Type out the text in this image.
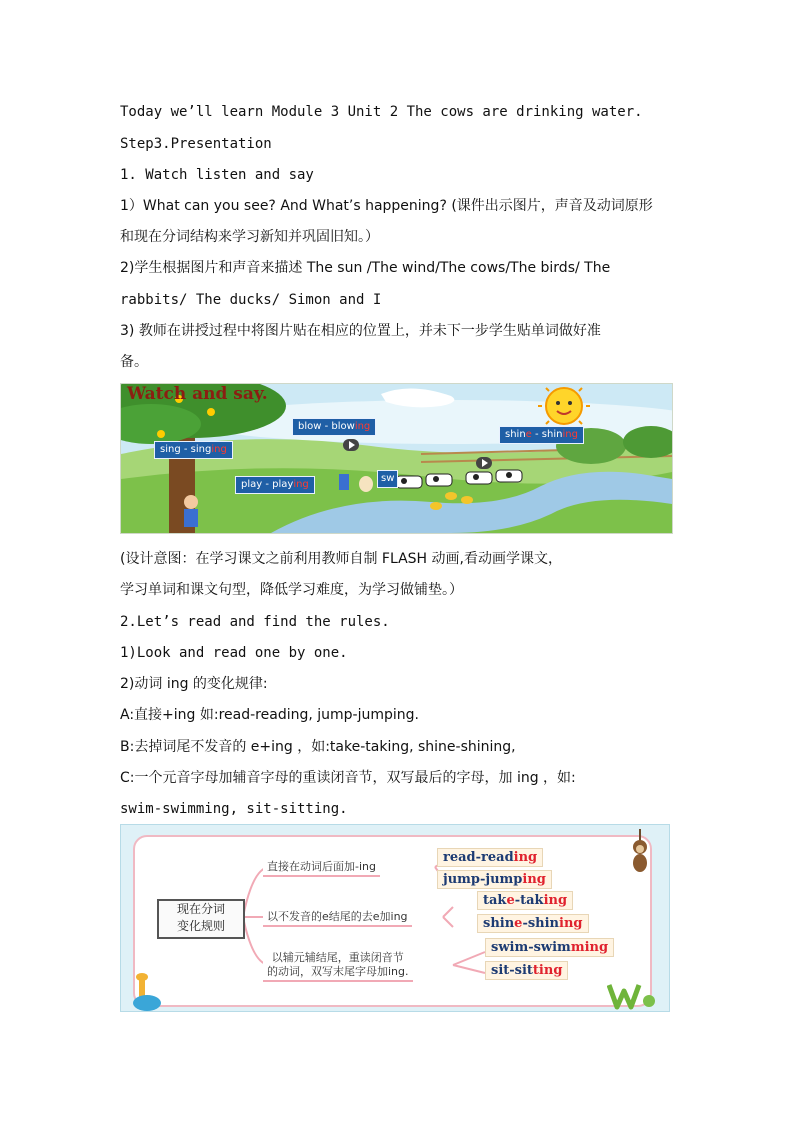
Today we’ll learn Module 3 Unit 2 The cows are drinking water.
Step3.Presentation
1. Watch listen and say
1）What can you see? And What’s happening? (课件出示图片，声音及动词原形
和现在分词结构来学习新知并巩固旧知。）
2)学生根据图片和声音来描述 The sun /The wind/The cows/The birds/ The
rabbits/ The ducks/ Simon and I
3) 教师在讲授过程中将图片贴在相应的位置上，并未下一步学生贴单词做好准
备。
Watch and say.
blow - blowing
sing - singing
shine - shining
play - playing
sw
(设计意图：在学习课文之前利用教师自制 FLASH 动画,看动画学课文，
学习单词和课文句型，降低学习难度，为学习做铺垫。）
2.Let’s read and find the rules.
1)Look and read one by one.
2)动词 ing 的变化规律:
A:直接+ing 如:read-reading, jump-jumping.
B:去掉词尾不发音的 e+ing ，如:take-taking, shine-shining,
C:一个元音字母加辅音字母的重读闭音节，双写最后的字母，加 ing ，如:
swim-swimming, sit-sitting.
现在分词
变化规则
直接在动词后面加-ing
以不发音的e结尾的去e加ing
以辅元辅结尾，重读闭音节
的动词，双写末尾字母加ing.
read-reading
jump-jumping
take-taking
shine-shining
swim-swimming
sit-sitting
